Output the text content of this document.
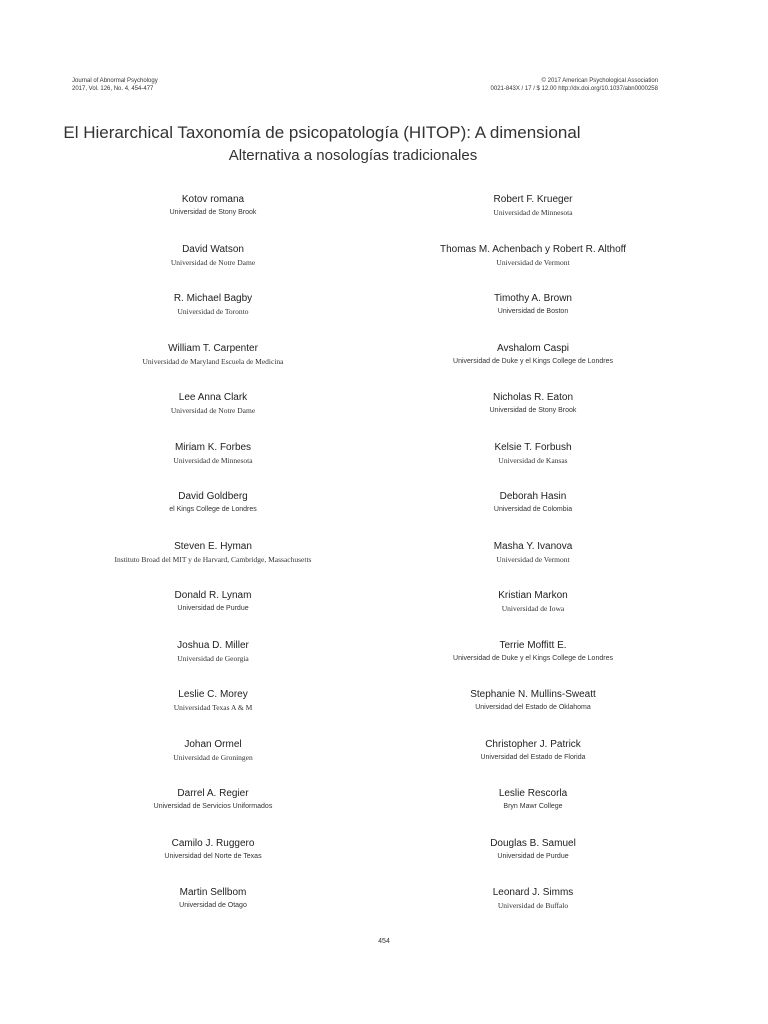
Journal of Abnormal Psychology
2017, Vol. 126, No. 4, 454-477
© 2017 American Psychological Association
0021-843X / 17 / $ 12.00 http://dx.doi.org/10.1037/abn0000258
El Hierarchical Taxonomía de psicopatología (HITOP): A dimensional
Alternativa a nosologías tradicionales
Kotov romana
Universidad de Stony Brook
Robert F. Krueger
Universidad de Minnesota
David Watson
Universidad de Notre Dame
Thomas M. Achenbach y Robert R. Althoff
Universidad de Vermont
R. Michael Bagby
Universidad de Toronto
Timothy A. Brown
Universidad de Boston
William T. Carpenter
Universidad de Maryland Escuela de Medicina
Avshalom Caspi
Universidad de Duke y el Kings College de Londres
Lee Anna Clark
Universidad de Notre Dame
Nicholas R. Eaton
Universidad de Stony Brook
Miriam K. Forbes
Universidad de Minnesota
Kelsie T. Forbush
Universidad de Kansas
David Goldberg
el Kings College de Londres
Deborah Hasin
Universidad de Colombia
Steven E. Hyman
Instituto Broad del MIT y de Harvard, Cambridge, Massachusetts
Masha Y. Ivanova
Universidad de Vermont
Donald R. Lynam
Universidad de Purdue
Kristian Markon
Universidad de Iowa
Joshua D. Miller
Universidad de Georgia
Terrie Moffitt E.
Universidad de Duke y el Kings College de Londres
Leslie C. Morey
Universidad Texas A & M
Stephanie N. Mullins-Sweatt
Universidad del Estado de Oklahoma
Johan Ormel
Universidad de Groningen
Christopher J. Patrick
Universidad del Estado de Florida
Darrel A. Regier
Universidad de Servicios Uniformados
Leslie Rescorla
Bryn Mawr College
Camilo J. Ruggero
Universidad del Norte de Texas
Douglas B. Samuel
Universidad de Purdue
Martin Sellbom
Universidad de Otago
Leonard J. Simms
Universidad de Buffalo
454
